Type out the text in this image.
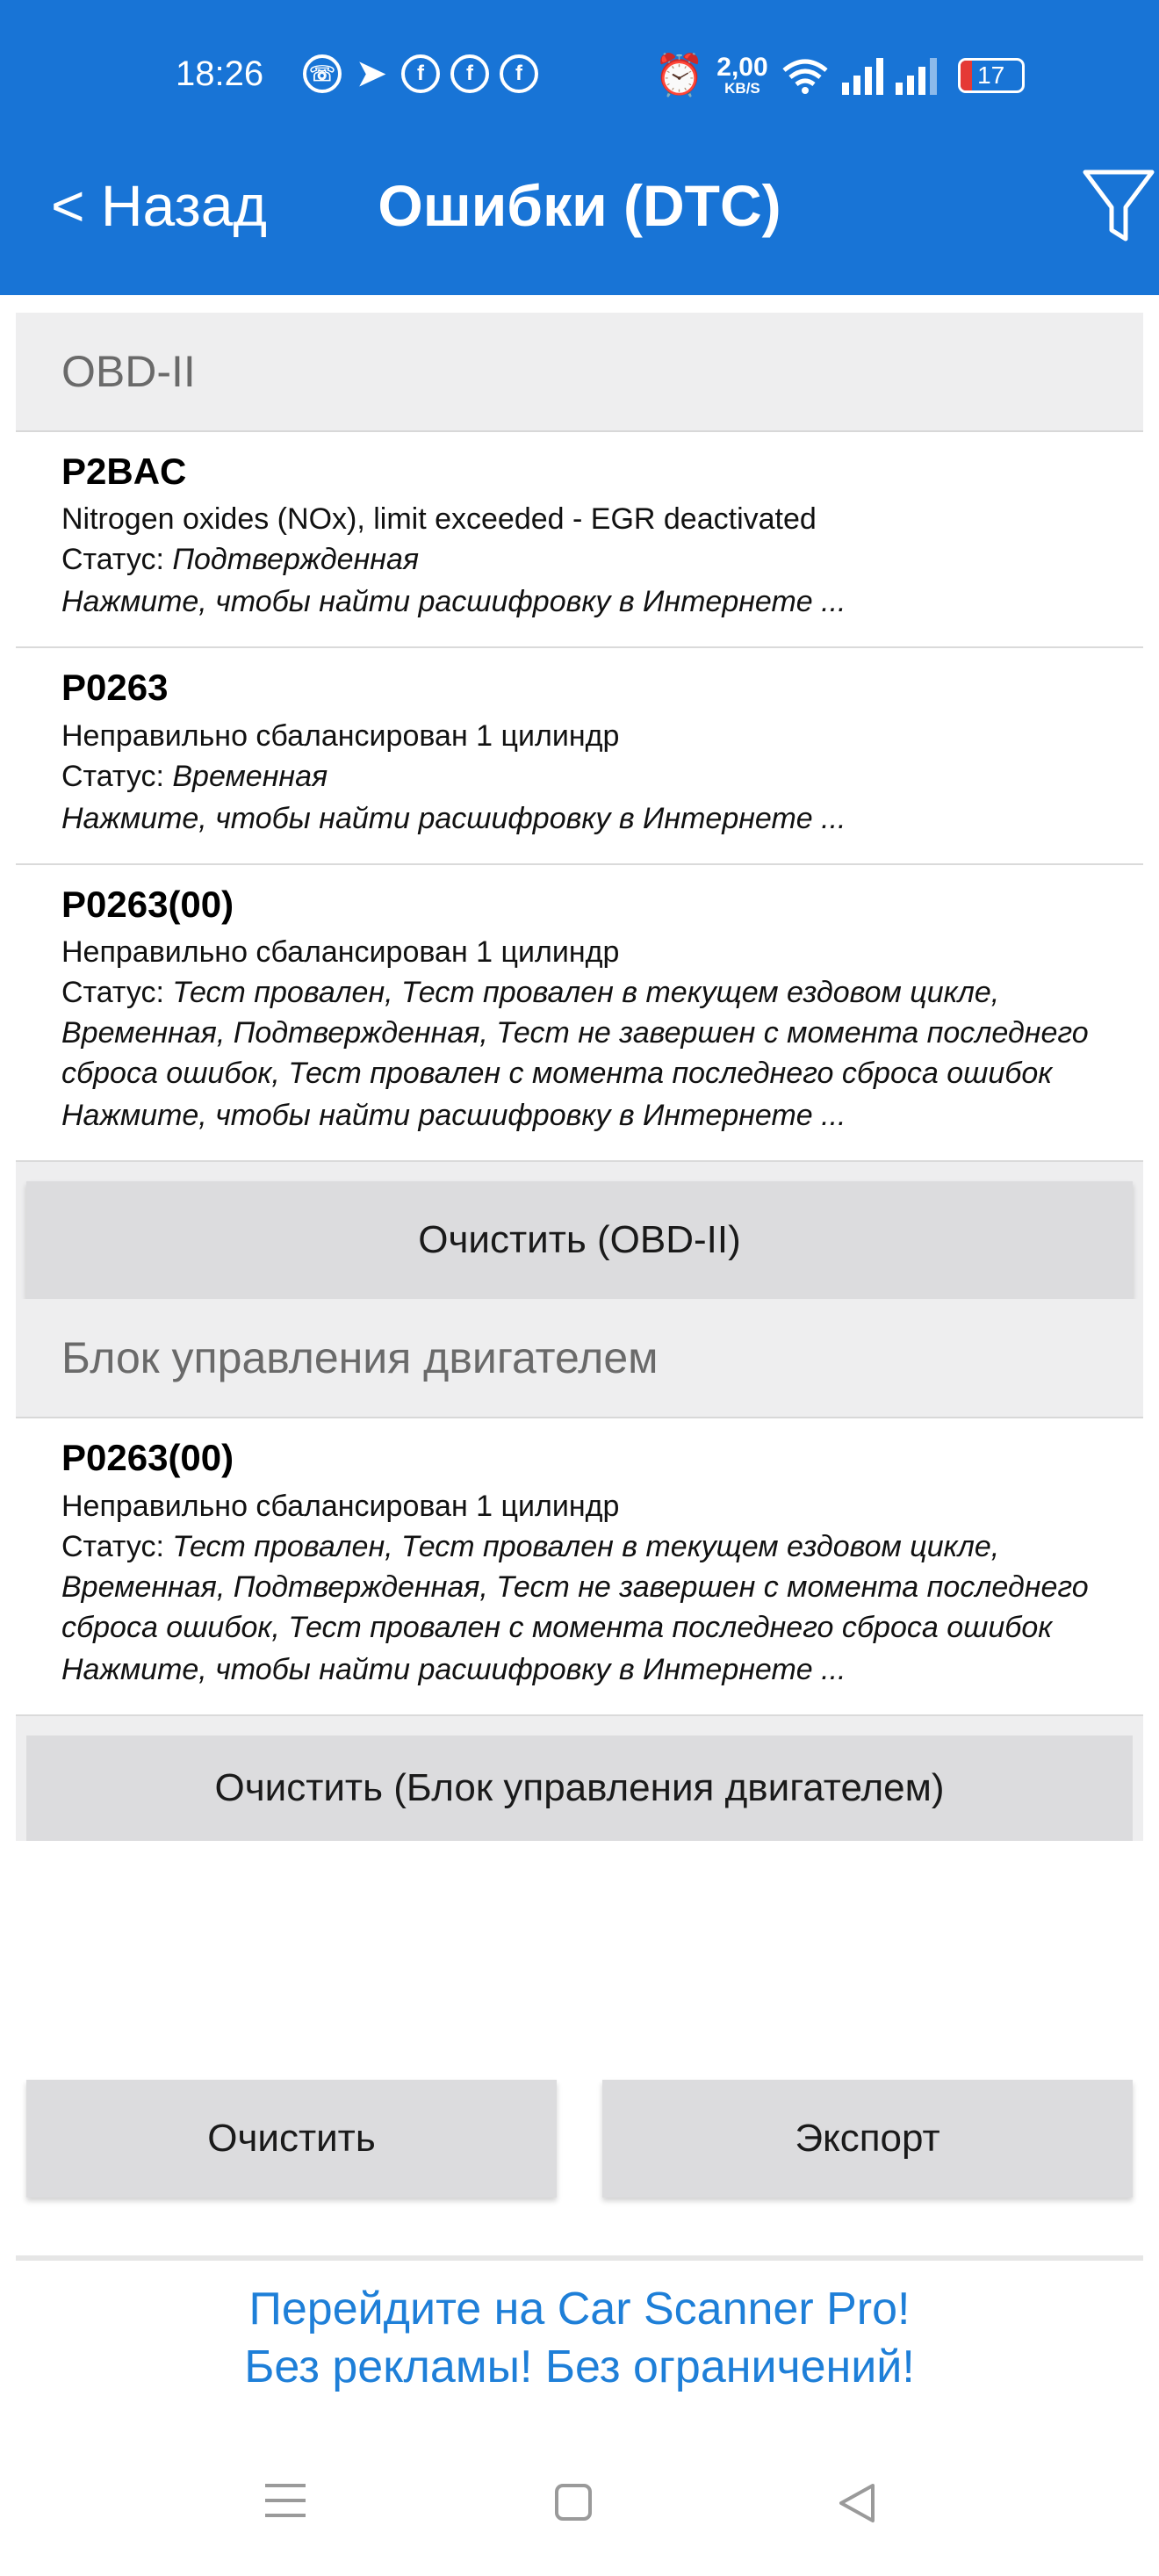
18:26 ☏ ➤	f	f	f	⏰ 2,00
KB/S	17
< Назад	Ошибки (DTC)
OBD-II
P2BAC
Nitrogen oxides (NOx), limit exceeded - EGR deactivated
Статус: Подтвержденная
Нажмите, чтобы найти расшифровку в Интернете ...
P0263
Неправильно сбалансирован 1 цилиндр
Статус: Временная
Нажмите, чтобы найти расшифровку в Интернете ...
P0263(00)
Неправильно сбалансирован 1 цилиндр
Статус: Тест провален, Тест провален в текущем ездовом цикле, Временная, Подтвержденная, Тест не завершен с момента последнего сброса ошибок, Тест провален с момента последнего сброса ошибок
Нажмите, чтобы найти расшифровку в Интернете ...
Очистить (OBD-II)
Блок управления двигателем
P0263(00)
Неправильно сбалансирован 1 цилиндр
Статус: Тест провален, Тест провален в текущем ездовом цикле, Временная, Подтвержденная, Тест не завершен с момента последнего сброса ошибок, Тест провален с момента последнего сброса ошибок
Нажмите, чтобы найти расшифровку в Интернете ...
Очистить (Блок управления двигателем)
Очистить	Экспорт
Перейдите на Car Scanner Pro!
Без рекламы! Без ограничений!
